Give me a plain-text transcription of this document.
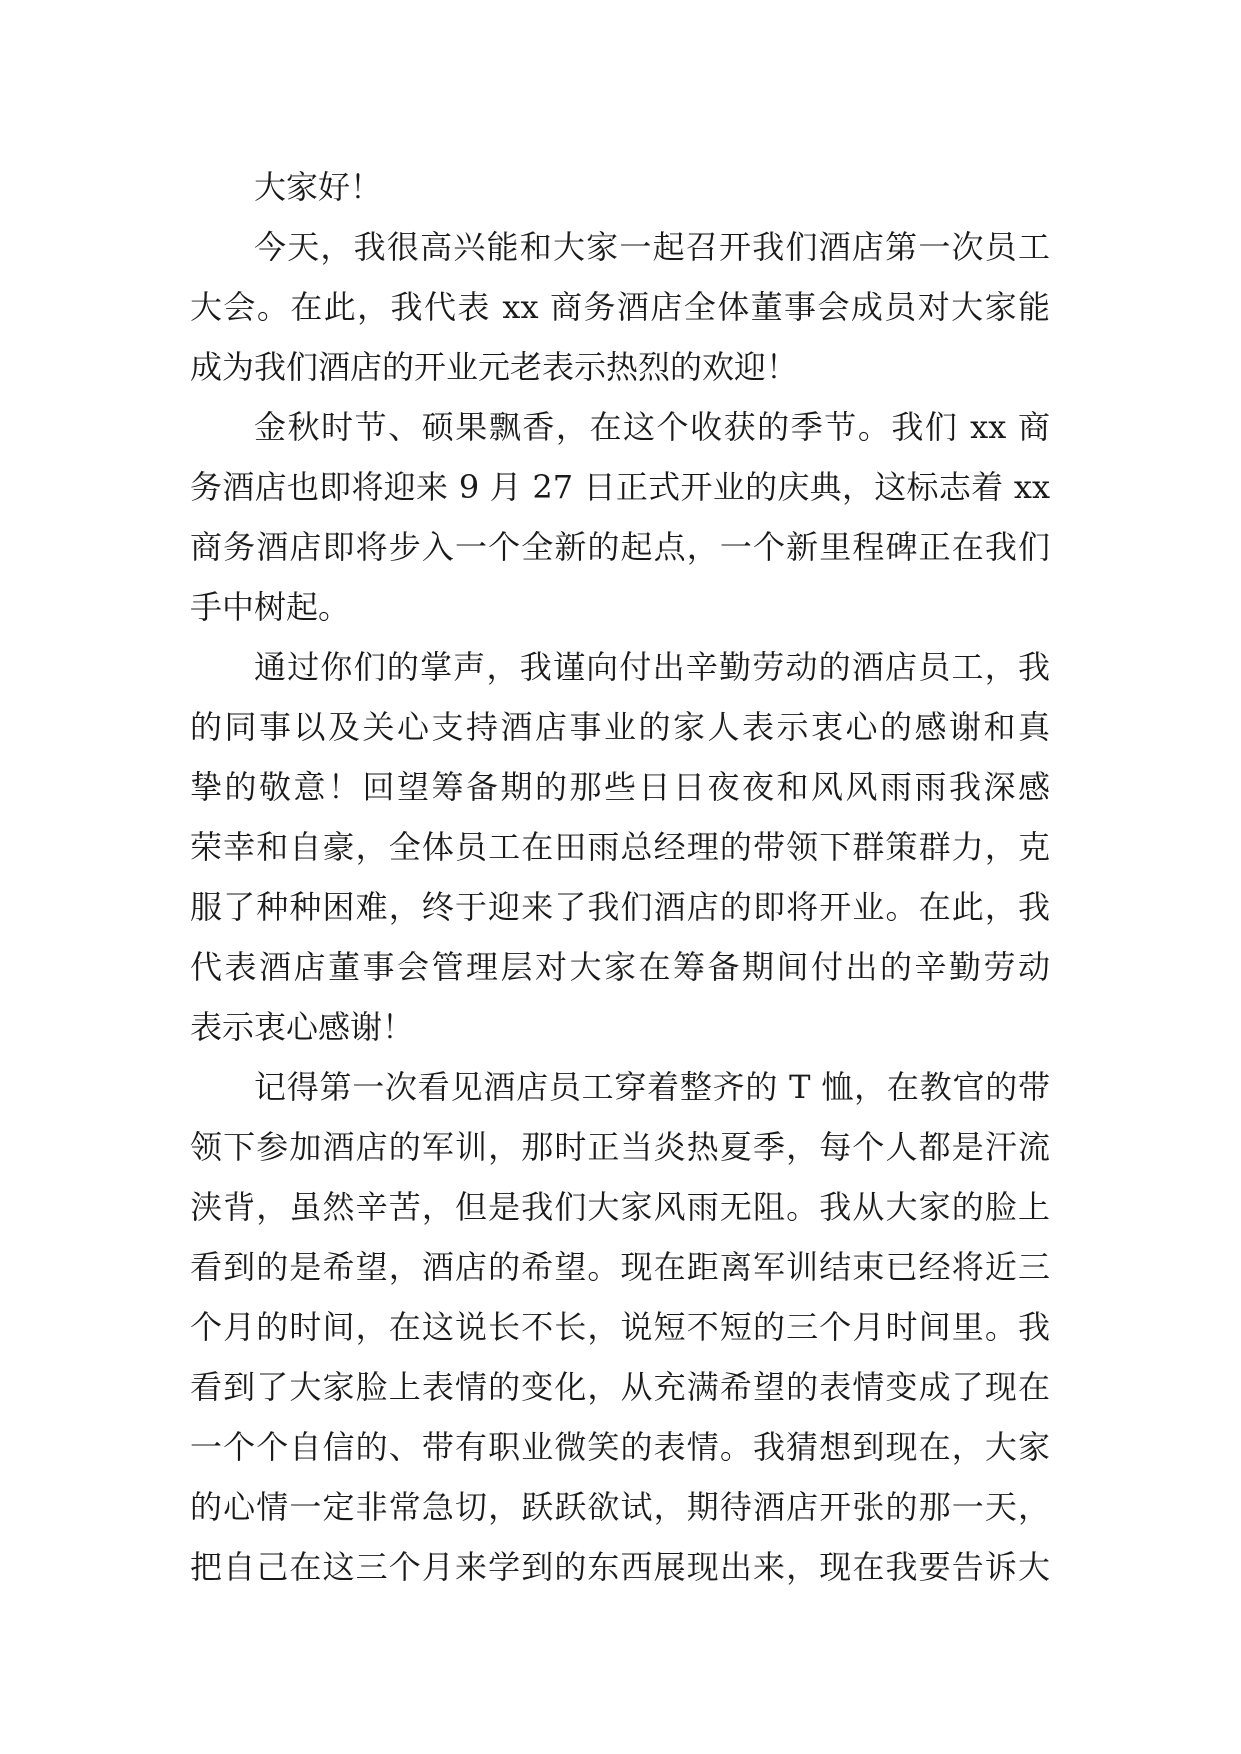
大家好！
今天，我很高兴能和大家一起召开我们酒店第一次员工
大会。在此，我代表 xx 商务酒店全体董事会成员对大家能
成为我们酒店的开业元老表示热烈的欢迎！
金秋时节、硕果飘香，在这个收获的季节。我们 xx 商
务酒店也即将迎来 9 月 27 日正式开业的庆典，这标志着 xx
商务酒店即将步入一个全新的起点，一个新里程碑正在我们
手中树起。
通过你们的掌声，我谨向付出辛勤劳动的酒店员工，我
的同事以及关心支持酒店事业的家人表示衷心的感谢和真
挚的敬意！回望筹备期的那些日日夜夜和风风雨雨我深感
荣幸和自豪，全体员工在田雨总经理的带领下群策群力，克
服了种种困难，终于迎来了我们酒店的即将开业。在此，我
代表酒店董事会管理层对大家在筹备期间付出的辛勤劳动
表示衷心感谢！
记得第一次看见酒店员工穿着整齐的 T 恤，在教官的带
领下参加酒店的军训，那时正当炎热夏季，每个人都是汗流
浃背，虽然辛苦，但是我们大家风雨无阻。我从大家的脸上
看到的是希望，酒店的希望。现在距离军训结束已经将近三
个月的时间，在这说长不长，说短不短的三个月时间里。我
看到了大家脸上表情的变化，从充满希望的表情变成了现在
一个个自信的、带有职业微笑的表情。我猜想到现在，大家
的心情一定非常急切，跃跃欲试，期待酒店开张的那一天，
把自己在这三个月来学到的东西展现出来，现在我要告诉大
